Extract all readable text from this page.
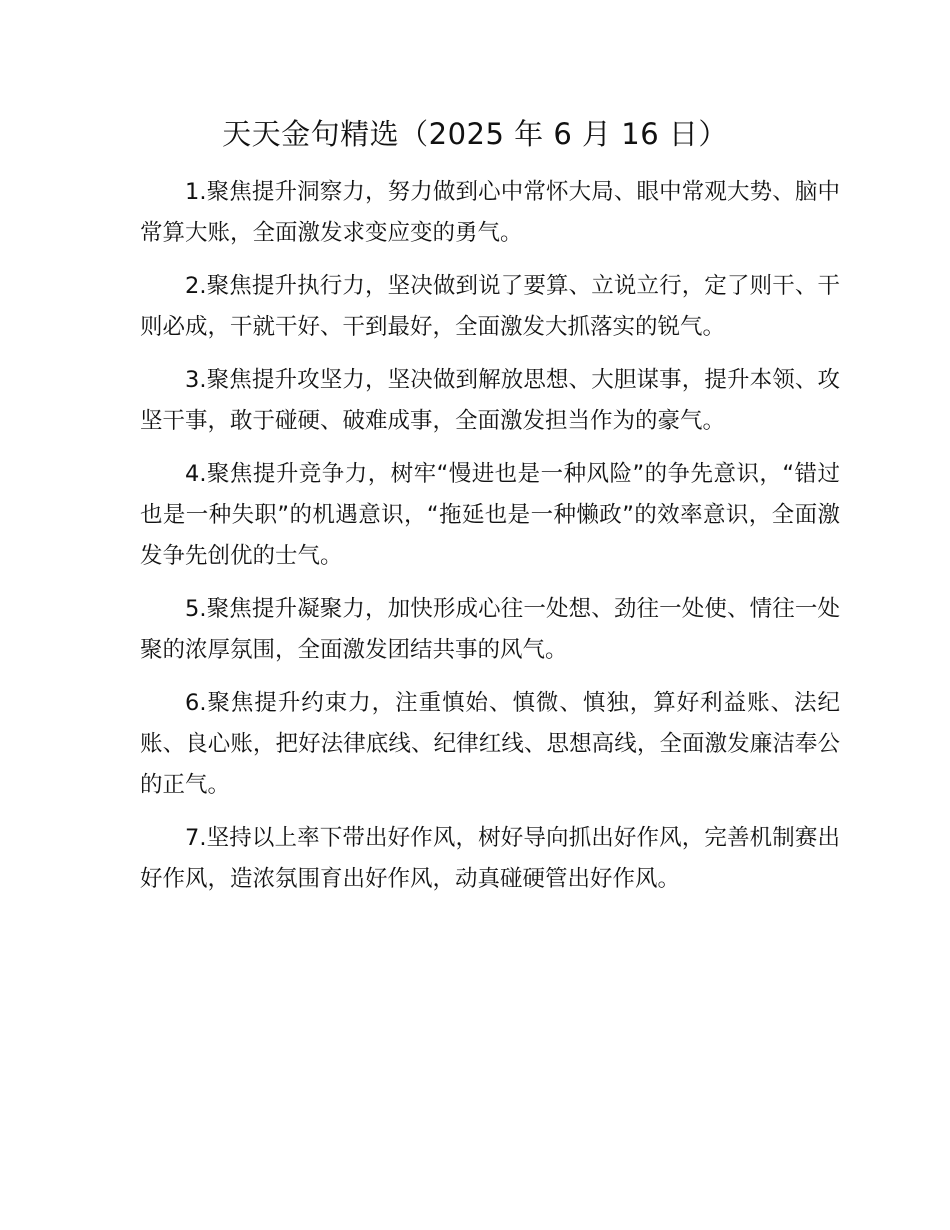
天天金句精选（2025 年 6 月 16 日）

1.聚焦提升洞察力，努力做到心中常怀大局、眼中常观大势、脑中常算大账，全面激发求变应变的勇气。

2.聚焦提升执行力，坚决做到说了要算、立说立行，定了则干、干则必成，干就干好、干到最好，全面激发大抓落实的锐气。

3.聚焦提升攻坚力，坚决做到解放思想、大胆谋事，提升本领、攻坚干事，敢于碰硬、破难成事，全面激发担当作为的豪气。

4.聚焦提升竞争力，树牢“慢进也是一种风险”的争先意识，“错过也是一种失职”的机遇意识，“拖延也是一种懒政”的效率意识，全面激发争先创优的士气。

5.聚焦提升凝聚力，加快形成心往一处想、劲往一处使、情往一处聚的浓厚氛围，全面激发团结共事的风气。

6.聚焦提升约束力，注重慎始、慎微、慎独，算好利益账、法纪账、良心账，把好法律底线、纪律红线、思想高线，全面激发廉洁奉公的正气。

7.坚持以上率下带出好作风，树好导向抓出好作风，完善机制赛出好作风，造浓氛围育出好作风，动真碰硬管出好作风。
